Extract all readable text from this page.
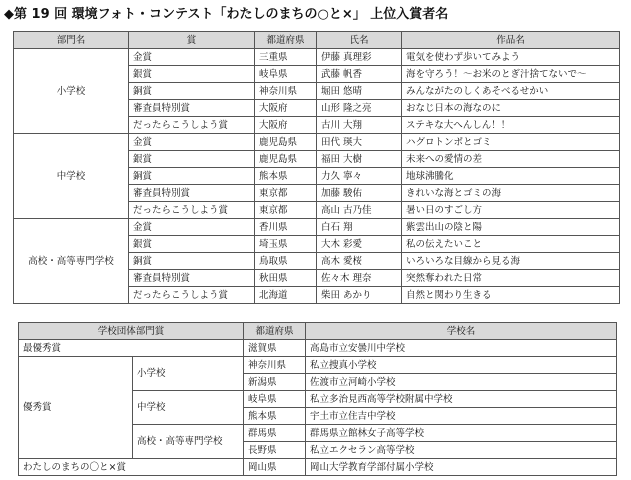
◆第 19 回 環境フォト・コンテスト「わたしのまちの○と×」 上位入賞者名
部門名	賞	都道府県	氏名	作品名
小学校	金賞	三重県	伊藤 真理彩	電気を使わず歩いてみよう
	銀賞	岐阜県	武藤 帆香	海を守ろう！～お米のとぎ汁捨てないで～
	銅賞	神奈川県	堀田 悠晴	みんながたのしくあそべるせかい
	審査員特別賞	大阪府	山形 隆之亮	おなじ日本の海なのに
	だったらこうしよう賞	大阪府	古川 大翔	ステキな大へんしん！！
中学校	金賞	鹿児島県	田代 瑛大	ハグロトンボとゴミ
	銀賞	鹿児島県	福田 大樹	未来への愛情の差
	銅賞	熊本県	力久 寧々	地球沸騰化
	審査員特別賞	東京都	加藤 駿佑	きれいな海とゴミの海
	だったらこうしよう賞	東京都	高山 古乃佳	暑い日のすごし方
高校・高等専門学校	金賞	香川県	白石 翔	紫雲出山の陰と陽
	銀賞	埼玉県	大木 彩愛	私の伝えたいこと
	銅賞	鳥取県	高木 愛桜	いろいろな目線から見る海
	審査員特別賞	秋田県	佐々木 理奈	突然奪われた日常
	だったらこうしよう賞	北海道	柴田 あかり	自然と関わり生きる
学校団体部門賞		都道府県	学校名
最優秀賞		滋賀県	高島市立安曇川中学校
優秀賞	小学校	神奈川県	私立捜真小学校
		新潟県	佐渡市立河崎小学校
	中学校	岐阜県	私立多治見西高等学校附属中学校
		熊本県	宇土市立住吉中学校
	高校・高等専門学校	群馬県	群馬県立館林女子高等学校
		長野県	私立エクセラン高等学校
わたしのまちの〇と×賞		岡山県	岡山大学教育学部付属小学校
